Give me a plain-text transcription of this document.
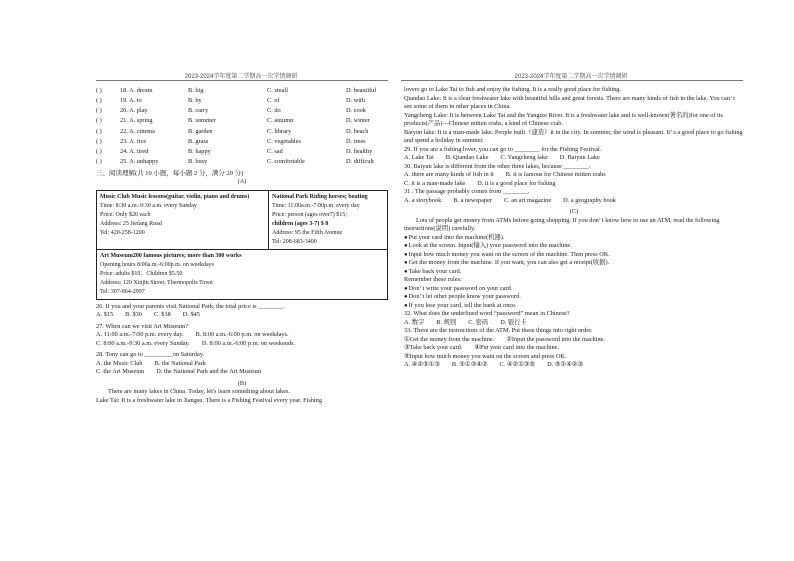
2023-2024学年度第二学期高一次学情调研
( )	18. A. dream	B. big	C. small	D. beautiful
( )	19. A. to	B. by	C. of	D. with
( )	20. A. play	B. carry	C. do	D. cook
( )	21. A. spring	B. summer	C. autumn	D. winter
( )	22. A. cinema	B. garden	C. library	D. beach
( )	23. A. rice	B. grass	C. vegetables	D. trees
( )	24. A. tired	B. happy	C. sad	D. healthy
( )	25. A. unhappy	B. busy	C. comfortable	D. difficult
三、阅读理解(共 10 小题，每小题 2 分，满分 20 分)
(A)
Music Club Music lessons(guitar, violin, piano and drums)
Time: 8:30 a.m.-9:30 a.m. every Sunday
Price: Only $20 each
Address: 25 Jiefang Road
Tel: 420-258-1200
National Park Riding horses; boating
Time: 11:00a.m.-7:00p.m. every day
Price: person (ages over7) $15;
children (ages 3-7) $ 8
Address: 95 the Fifth Avenue
Tel: 208-683-3400
Art Museum200 famous pictures; more than 300 works
Opening hours 8:00a.m.-6:00p.m. on weekdays
Price: adults $10；Children $5.50
Address: 120 Xinjin Street, Thermopolis Town
Tel: 307-864-2997
26. If you and your parents visit National Park, the total price is ________.
A. $15 B. $30 C. $38 D. $45
27. When can we visit Art Museum?
A. 11:00 a.m.-7:00 p.m. every day. B. 8:00 a.m.-6:00 p.m. on weekdays.
C. 8:00 a.m.-9:30 a.m. every Sunday. D. 8:00 a.m.-6:00 p.m. on weekends.
28. Tony can go to _________on Saturday.
A. the Music Club B. the National Park
C. the Art Museum D. the National Park and the Art Museum
(B)
There are many lakes in China. Today, let's learn something about lakes.
Lake Tai: It is a freshwater lake in Jiangsu. There is a Fishing Festival every year. Fishing
2023-2024学年度第二学期高一次学情调研
lovers go to Lake Tai to fish and enjoy the fishing. It is a really good place for fishing.
Qiandao Lake: It is a clear freshwater lake with beautiful hills and great forests. There are many kinds of fish in the lake. You can’ t see some of them in other places in China.
Yangcheng Lake: It is between Lake Tai and the Yangtze River. It is a freshwater lake and is well-known(著名的)for one of its products(产品)—Chinese mitten crabs, a kind of Chinese crab.
Baiyun lake: It is a man-made lake. People built（建造）it in the city. In summer, the wind is pleasant. It’ s a good place to go fishing and spend a holiday in summer.
29. If you are a fishing lover, you can go to ________ for the Fishing Festival.
A. Lake Tai B. Qiandao Lake C. Yangcheng lake D. Baiyun Lake
30. Baiyun lake is different from the other three lakes, because ________.
A. there are many kinds of fish in it B. it is famous for Chinese mitten crabs
C. it is a man-made lake D. it is a good place for fishing
31 . The passage probably comes from ________.
A. a storybook B. a newspaper C. an art magazine D. a geography book
(C)
Lots of people get money from ATMs before going shopping. If you don’ t know how to use an ATM, read the following instructions(说明) carefully.
● Put your card into the machine(机器).
● Look at the screen. Input(输入) your password into the machine.
● Input how much money you want on the screen of the machine. Then press OK.
● Get the money from the machine. If you want, you can also get a receipt(收据).
● Take back your card.
Remember these rules:
● Don’ t write your password on your card.
● Don’ t let other people know your password.
● If you lose your card, tell the bank at once.
32. What does the underlined word “password” mean in Chinese?
A. 数字 B. 规则 C. 密码 D. 银行卡
33. These are the instructions of the ATM. Put these things into right order.
①Get the money from the machine. ②Input the password into the machine.
③Take back your card. ④Put your card into the machine.
⑤Input how much money you want on the screen and press OK.
A. ④②⑤①③ B. ⑤①③④② C. ④②①③⑤ D. ⑤①④②③
